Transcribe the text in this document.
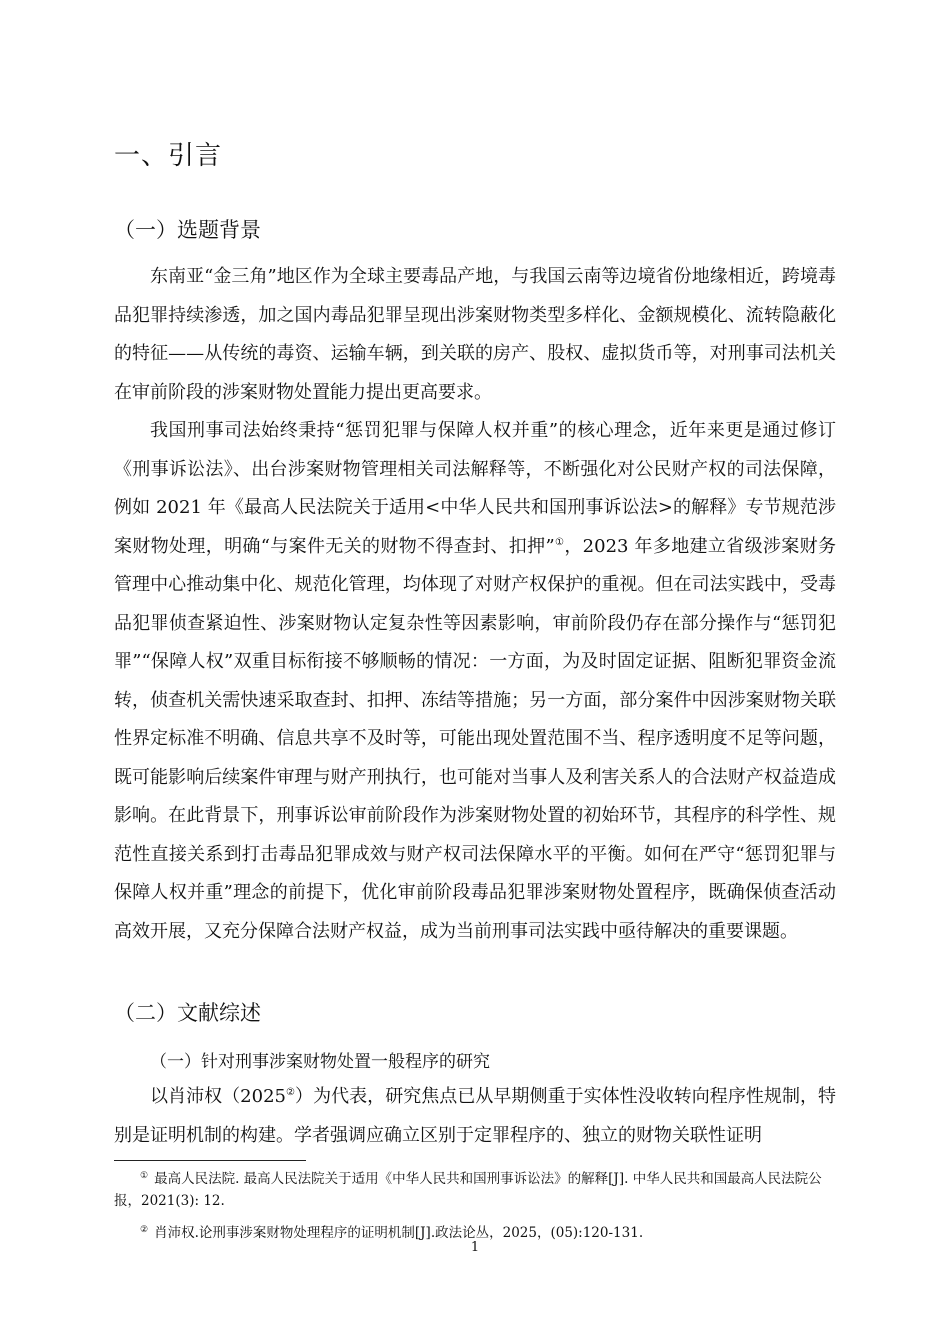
一、引言
（一）选题背景

东南亚“金三角”地区作为全球主要毒品产地，与我国云南等边境省份地缘相近，跨境毒品犯罪持续渗透，加之国内毒品犯罪呈现出涉案财物类型多样化、金额规模化、流转隐蔽化的特征——从传统的毒资、运输车辆，到关联的房产、股权、虚拟货币等，对刑事司法机关在审前阶段的涉案财物处置能力提出更高要求。

我国刑事司法始终秉持“惩罚犯罪与保障人权并重”的核心理念，近年来更是通过修订《刑事诉讼法》、出台涉案财物管理相关司法解释等，不断强化对公民财产权的司法保障，例如 2021 年《最高人民法院关于适用<中华人民共和国刑事诉讼法>的解释》专节规范涉案财物处理，明确“与案件无关的财物不得查封、扣押”①，2023 年多地建立省级涉案财务管理中心推动集中化、规范化管理，均体现了对财产权保护的重视。但在司法实践中，受毒品犯罪侦查紧迫性、涉案财物认定复杂性等因素影响，审前阶段仍存在部分操作与“惩罚犯罪”“保障人权”双重目标衔接不够顺畅的情况：一方面，为及时固定证据、阻断犯罪资金流转，侦查机关需快速采取查封、扣押、冻结等措施；另一方面，部分案件中因涉案财物关联性界定标准不明确、信息共享不及时等，可能出现处置范围不当、程序透明度不足等问题，既可能影响后续案件审理与财产刑执行，也可能对当事人及利害关系人的合法财产权益造成影响。在此背景下，刑事诉讼审前阶段作为涉案财物处置的初始环节，其程序的科学性、规范性直接关系到打击毒品犯罪成效与财产权司法保障水平的平衡。如何在严守“惩罚犯罪与保障人权并重”理念的前提下，优化审前阶段毒品犯罪涉案财物处置程序，既确保侦查活动高效开展，又充分保障合法财产权益，成为当前刑事司法实践中亟待解决的重要课题。

（二）文献综述
（一）针对刑事涉案财物处置一般程序的研究

以肖沛权（2025②）为代表，研究焦点已从早期侧重于实体性没收转向程序性规制，特别是证明机制的构建。学者强调应确立区别于定罪程序的、独立的财物关联性证明

① 最高人民法院. 最高人民法院关于适用《中华人民共和国刑事诉讼法》的解释[J]. 中华人民共和国最高人民法院公报，2021(3): 12.

② 肖沛权.论刑事涉案财物处理程序的证明机制[J].政法论丛，2025，(05):120-131.

1
